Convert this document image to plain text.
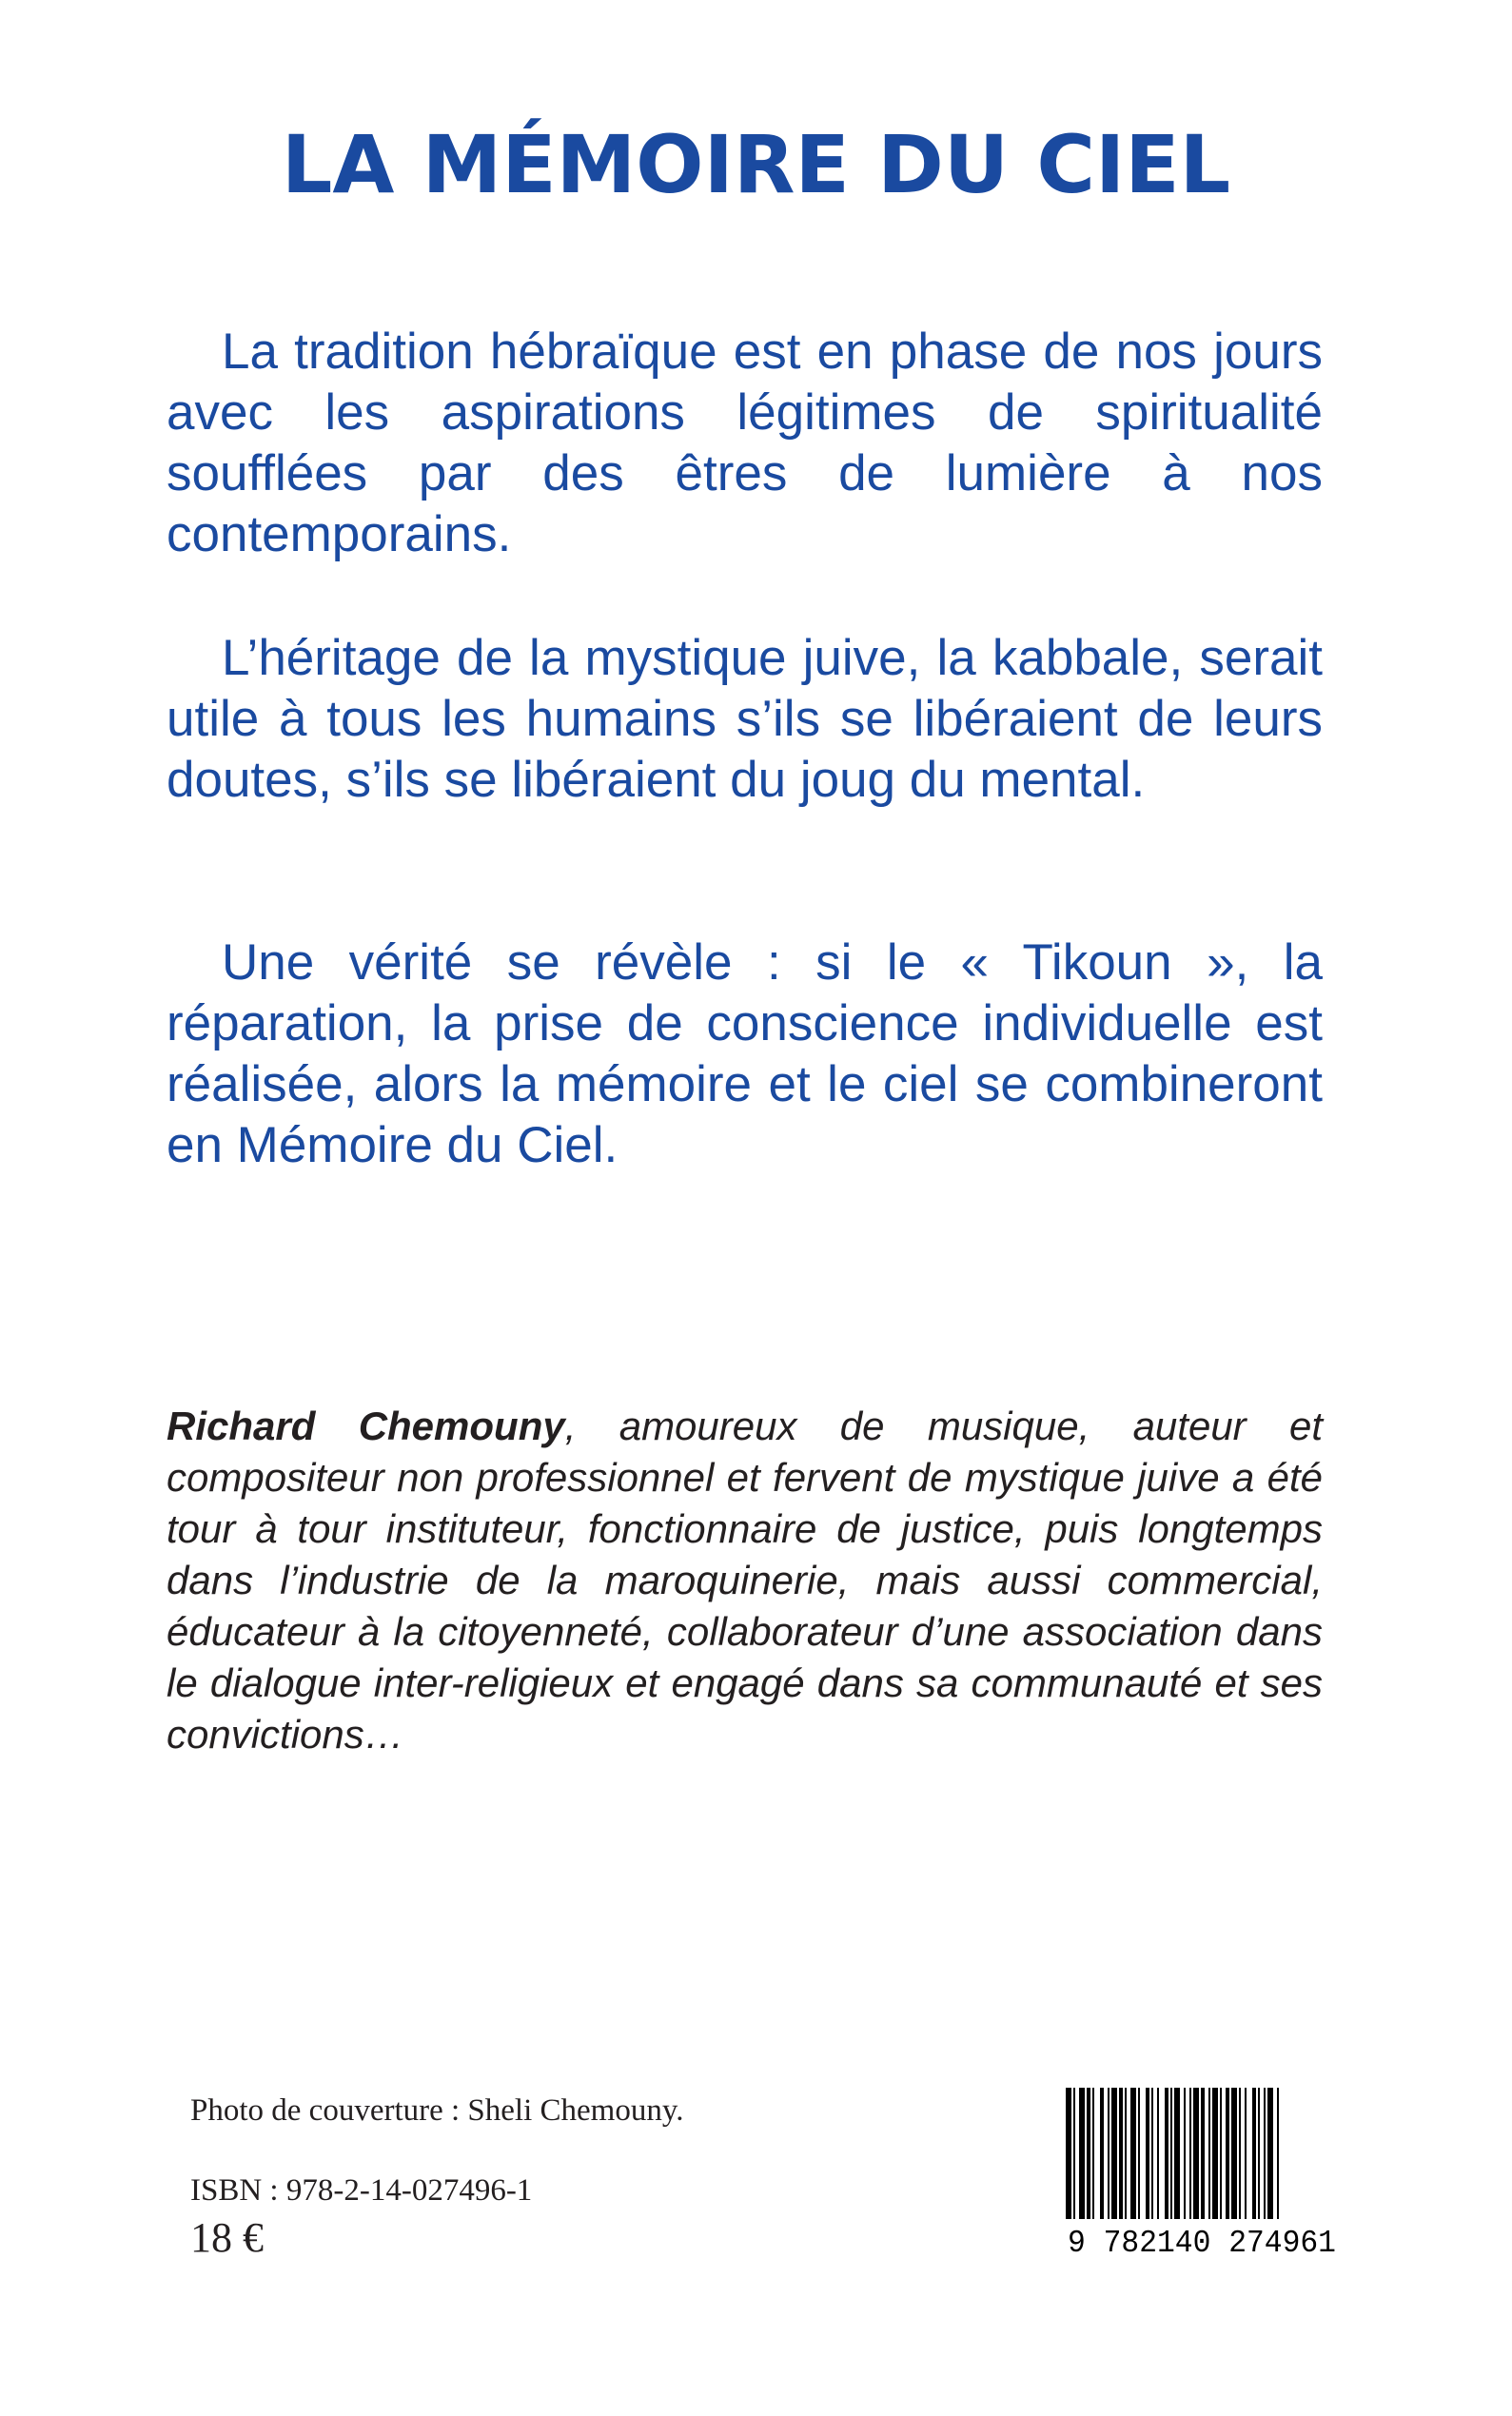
LA MÉMOIRE DU CIEL

La tradition hébraïque est en phase de nos jours avec les aspirations légitimes de spiritualité soufflées par des êtres de lumière à nos contemporains.

L’héritage de la mystique juive, la kabbale, serait utile à tous les humains s’ils se libéraient de leurs doutes, s’ils se libéraient du joug du mental.

Une vérité se révèle : si le « Tikoun », la réparation, la prise de conscience individuelle est réalisée, alors la mémoire et le ciel se combineront en Mémoire du Ciel.

Richard Chemouny, amoureux de musique, auteur et compositeur non professionnel et fervent de mystique juive a été tour à tour instituteur, fonctionnaire de justice, puis longtemps dans l’industrie de la maroquinerie, mais aussi commercial, éducateur à la citoyenneté, collaborateur d’une association dans le dialogue inter-religieux et engagé dans sa communauté et ses convictions…

Photo de couverture : Sheli Chemouny.

ISBN : 978-2-14-027496-1

18 €	9 782140 274961
